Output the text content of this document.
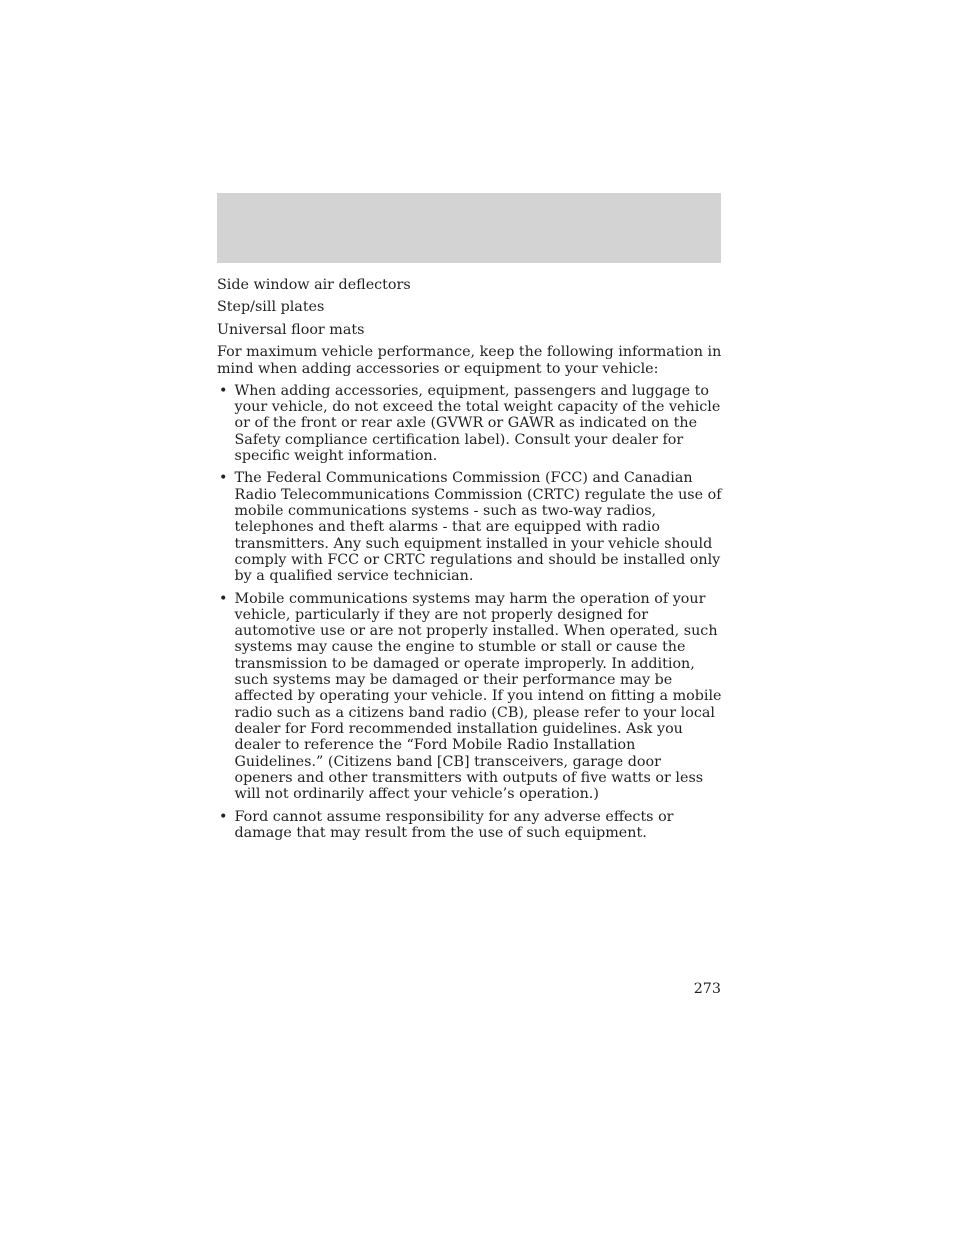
Side window air deflectors

Step/sill plates

Universal floor mats

For maximum vehicle performance, keep the following information in mind when adding accessories or equipment to your vehicle:

• When adding accessories, equipment, passengers and luggage to your vehicle, do not exceed the total weight capacity of the vehicle or of the front or rear axle (GVWR or GAWR as indicated on the Safety compliance certification label). Consult your dealer for specific weight information.
• The Federal Communications Commission (FCC) and Canadian Radio Telecommunications Commission (CRTC) regulate the use of mobile communications systems - such as two-way radios, telephones and theft alarms - that are equipped with radio transmitters. Any such equipment installed in your vehicle should comply with FCC or CRTC regulations and should be installed only by a qualified service technician.
• Mobile communications systems may harm the operation of your vehicle, particularly if they are not properly designed for automotive use or are not properly installed. When operated, such systems may cause the engine to stumble or stall or cause the transmission to be damaged or operate improperly. In addition, such systems may be damaged or their performance may be affected by operating your vehicle. If you intend on fitting a mobile radio such as a citizens band radio (CB), please refer to your local dealer for Ford recommended installation guidelines. Ask you dealer to reference the “Ford Mobile Radio Installation Guidelines.” (Citizens band [CB] transceivers, garage door openers and other transmitters with outputs of five watts or less will not ordinarily affect your vehicle’s operation.)
• Ford cannot assume responsibility for any adverse effects or damage that may result from the use of such equipment.
273
